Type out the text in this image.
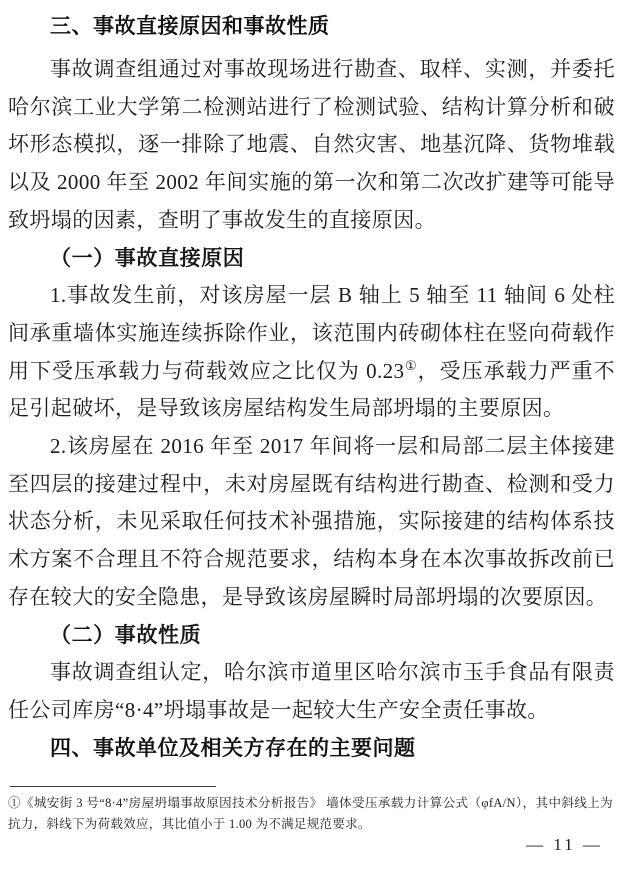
三、事故直接原因和事故性质

事故调查组通过对事故现场进行勘查、取样、实测，并委托哈尔滨工业大学第二检测站进行了检测试验、结构计算分析和破坏形态模拟，逐一排除了地震、自然灾害、地基沉降、货物堆载以及 2000 年至 2002 年间实施的第一次和第二次改扩建等可能导致坍塌的因素，查明了事故发生的直接原因。

（一）事故直接原因

1.事故发生前，对该房屋一层 B 轴上 5 轴至 11 轴间 6 处柱间承重墙体实施连续拆除作业，该范围内砖砌体柱在竖向荷载作用下受压承载力与荷载效应之比仅为 0.23①，受压承载力严重不足引起破坏，是导致该房屋结构发生局部坍塌的主要原因。

2.该房屋在 2016 年至 2017 年间将一层和局部二层主体接建至四层的接建过程中，未对房屋既有结构进行勘查、检测和受力状态分析，未见采取任何技术补强措施，实际接建的结构体系技术方案不合理且不符合规范要求，结构本身在本次事故拆改前已存在较大的安全隐患，是导致该房屋瞬时局部坍塌的次要原因。

（二）事故性质

事故调查组认定，哈尔滨市道里区哈尔滨市玉手食品有限责任公司库房“8·4”坍塌事故是一起较大生产安全责任事故。

四、事故单位及相关方存在的主要问题
①《城安街 3 号“8·4”房屋坍塌事故原因技术分析报告》 墙体受压承载力计算公式（φfA/N），其中斜线上为抗力，斜线下为荷载效应，其比值小于 1.00 为不满足规范要求。
— 11 —
